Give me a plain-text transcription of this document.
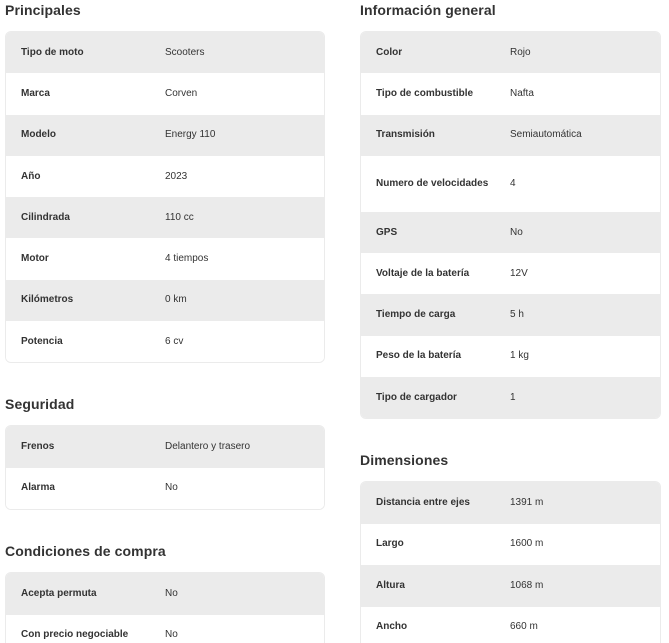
Principales
Tipo de moto	Scooters
Marca	Corven
Modelo	Energy 110
Año	2023
Cilindrada	110 cc
Motor	4 tiempos
Kilómetros	0 km
Potencia	6 cv
Seguridad
Frenos	Delantero y trasero
Alarma	No
Condiciones de compra
Acepta permuta	No
Con precio negociable	No
Información general
Color	Rojo
Tipo de combustible	Nafta
Transmisión	Semiautomática
Numero de velocidades	4
GPS	No
Voltaje de la batería	12V
Tiempo de carga	5 h
Peso de la batería	1 kg
Tipo de cargador	1
Dimensiones
Distancia entre ejes	1391 m
Largo	1600 m
Altura	1068 m
Ancho	660 m
